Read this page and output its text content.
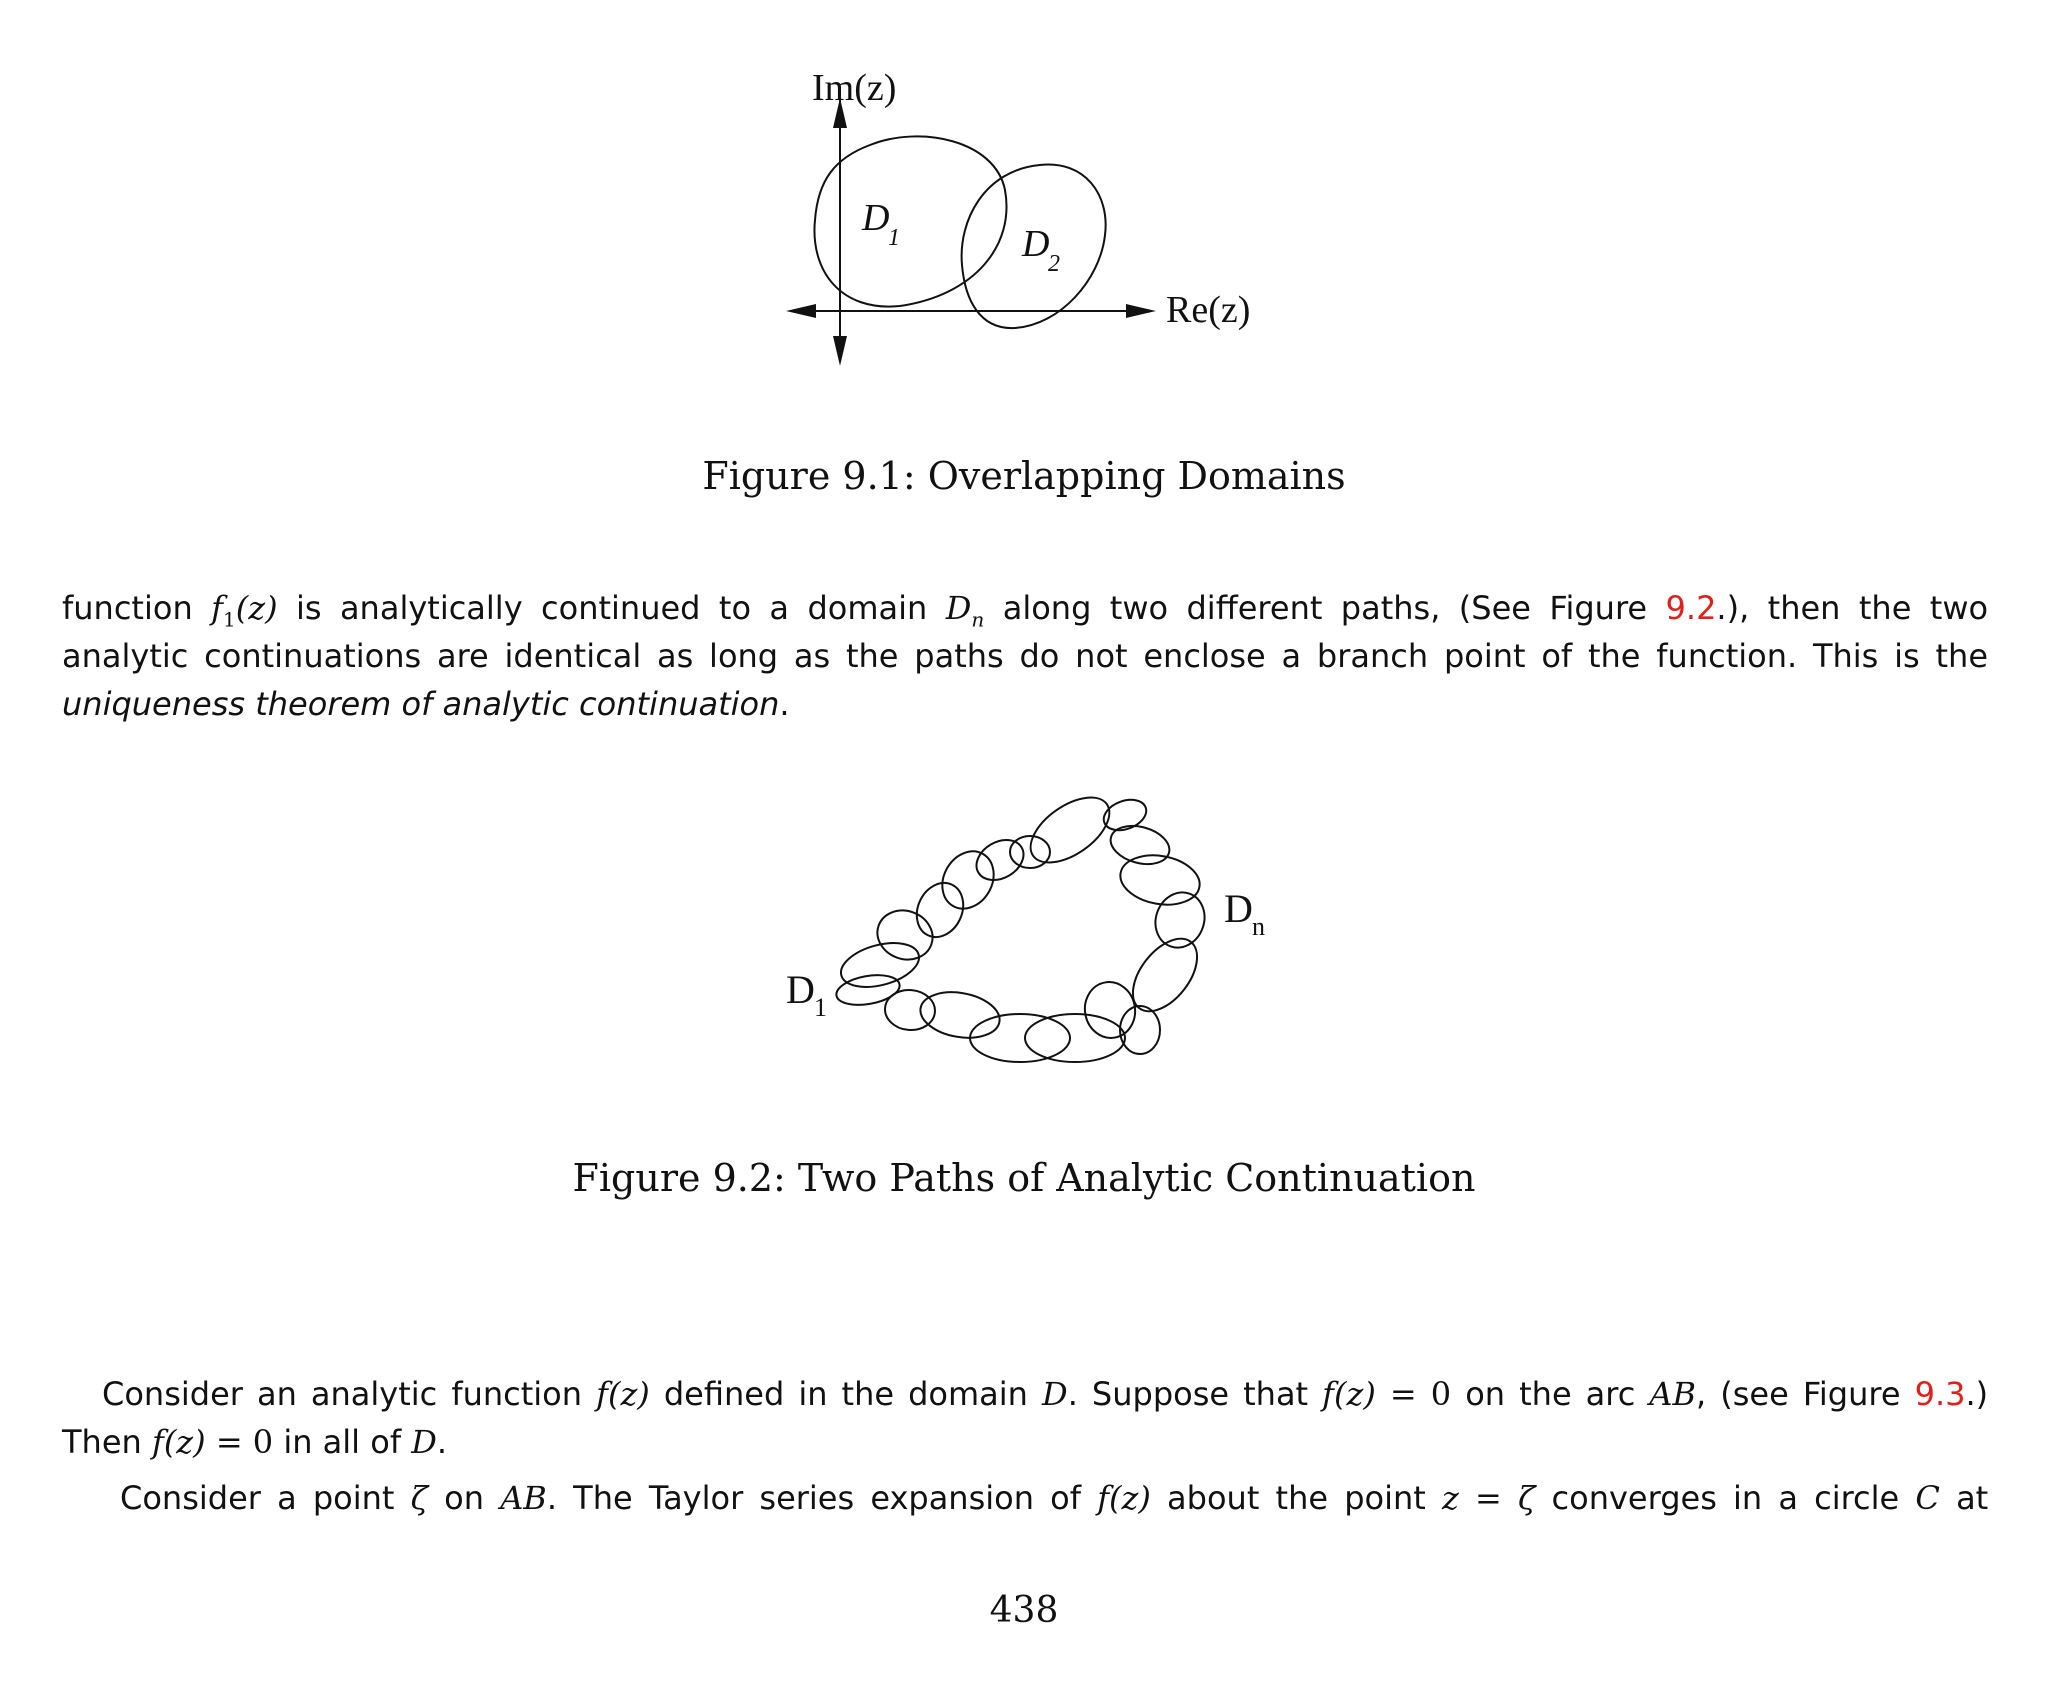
Im(z)
Re(z)
D
1	D
2

Figure 9.1: Overlapping Domains

function $f_1(z)$ is analytically continued to a domain $D_n$ along two different paths, (See Figure 9.2.), then the two

analytic continuations are identical as long as the paths do not enclose a branch point of the function. This is the

uniqueness theorem of analytic continuation.

D 1
D n

Figure 9.2: Two Paths of Analytic Continuation

Consider an analytic function f(z) defined in the domain D. Suppose that f(z) = 0 on the arc AB, (see Figure 9.3.)

Then f(z) = 0 in all of D.

Consider a point ζ on AB. The Taylor series expansion of f(z) about the point z = ζ converges in a circle C at

438
